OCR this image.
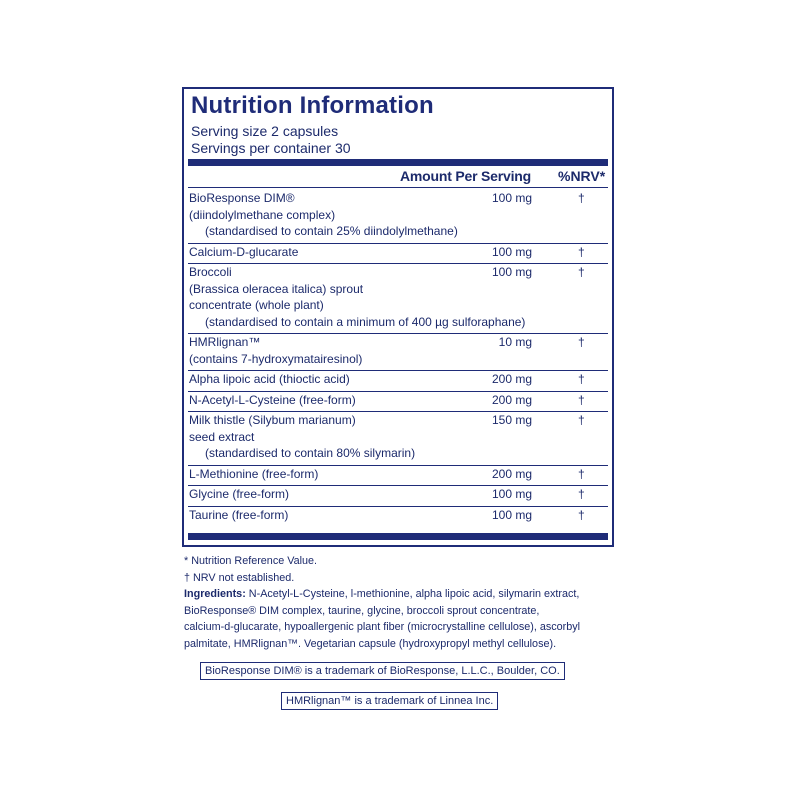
Nutrition Information
Serving size 2 capsules
Servings per container 30
Amount Per Serving %NRV*
BioResponse DIM®
(diindolylmethane complex)
(standardised to contain 25% diindolylmethane)
100 mg	†
Calcium-D-glucarate	100 mg	†
Broccoli
(Brassica oleracea italica) sprout
concentrate (whole plant)
(standardised to contain a minimum of 400 µg sulforaphane)
100 mg	†
HMRlignan™
(contains 7-hydroxymatairesinol)
10 mg	†
Alpha lipoic acid (thioctic acid)	200 mg	†
N-Acetyl-L-Cysteine (free-form)	200 mg	†
Milk thistle (Silybum marianum)
seed extract
(standardised to contain 80% silymarin)
150 mg	†
L-Methionine (free-form)	200 mg	†
Glycine (free-form)	100 mg	†
Taurine (free-form)	100 mg	†
* Nutrition Reference Value.
† NRV not established.
Ingredients: N-Acetyl-L-Cysteine, l-methionine, alpha lipoic acid, silymarin extract,
BioResponse® DIM complex, taurine, glycine, broccoli sprout concentrate,
calcium-d-glucarate, hypoallergenic plant fiber (microcrystalline cellulose), ascorbyl
palmitate, HMRlignan™. Vegetarian capsule (hydroxypropyl methyl cellulose).
BioResponse DIM® is a trademark of BioResponse, L.L.C., Boulder, CO.
HMRlignan™ is a trademark of Linnea Inc.
